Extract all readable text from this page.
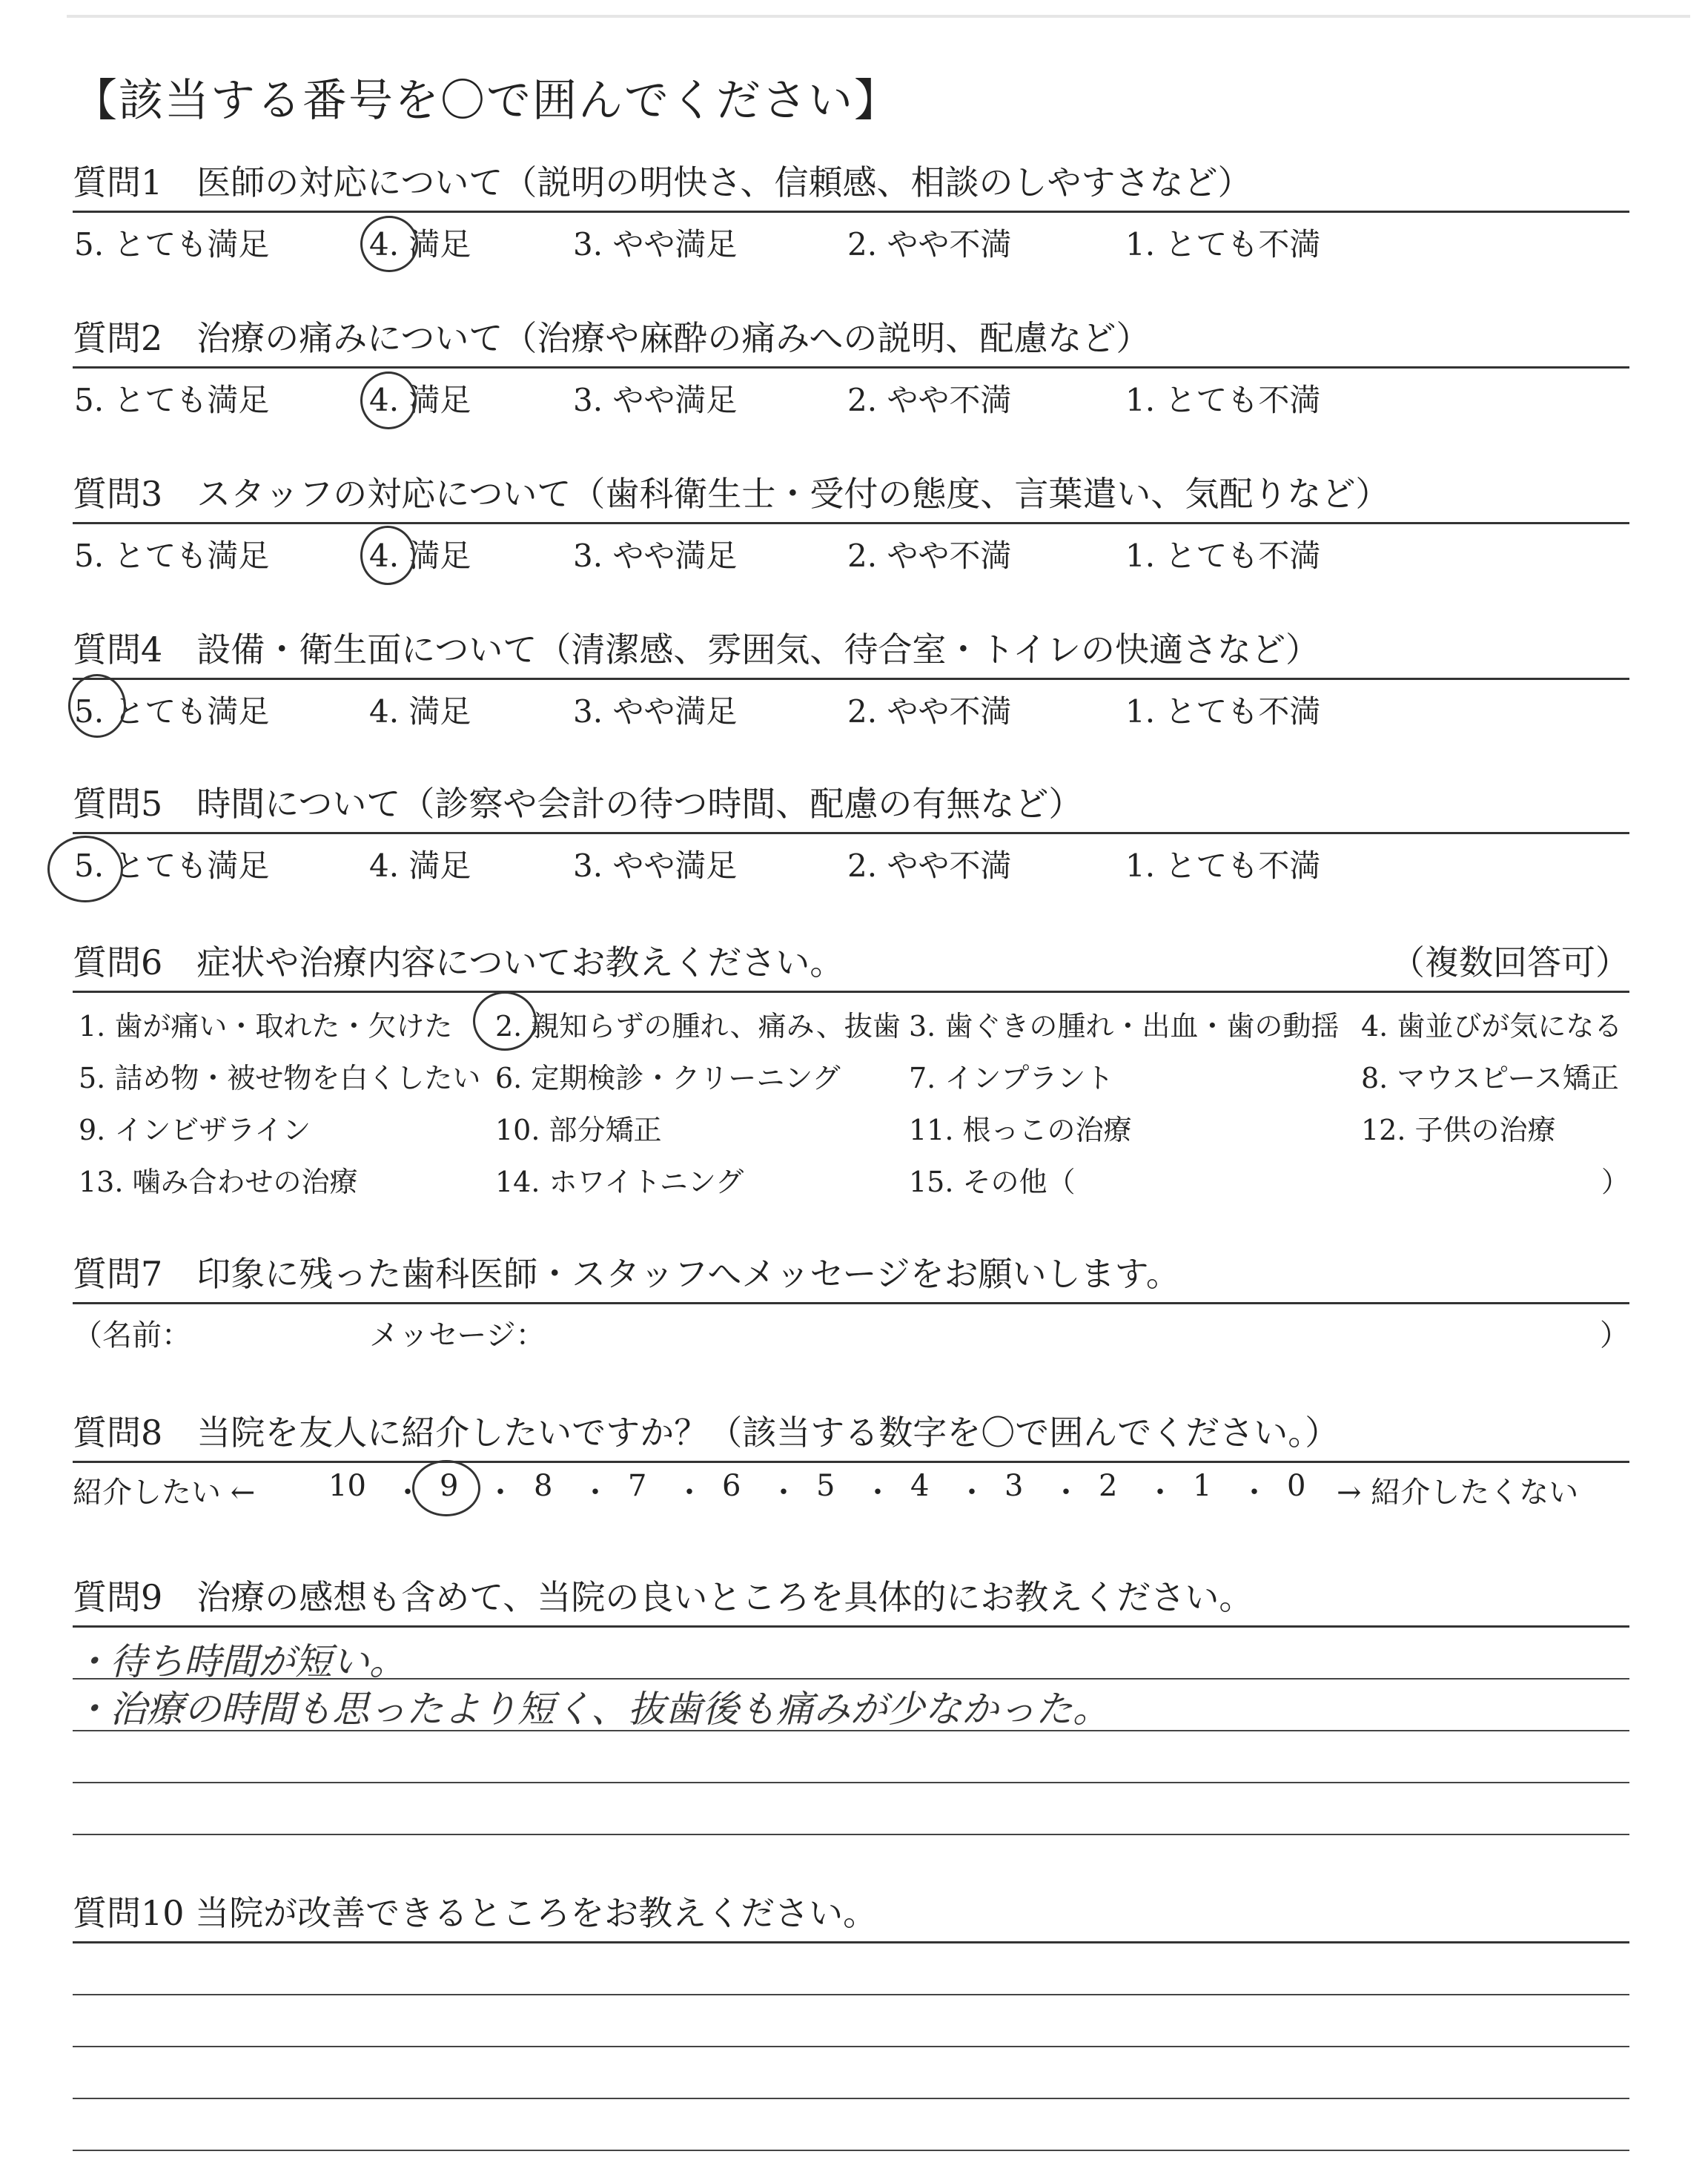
【該当する番号を〇で囲んでください】
質問1　医師の対応について（説明の明快さ、信頼感、相談のしやすさなど）
5. とても満足	4. 満足	3. やや満足	2. やや不満	1. とても不満
質問2　治療の痛みについて（治療や麻酔の痛みへの説明、配慮など）
5. とても満足	4. 満足	3. やや満足	2. やや不満	1. とても不満
質問3　スタッフの対応について（歯科衛生士・受付の態度、言葉遣い、気配りなど）
5. とても満足	4. 満足	3. やや満足	2. やや不満	1. とても不満
質問4　設備・衛生面について（清潔感、雰囲気、待合室・トイレの快適さなど）
5. とても満足	4. 満足	3. やや満足	2. やや不満	1. とても不満
質問5　時間について（診察や会計の待つ時間、配慮の有無など）
5. とても満足	4. 満足	3. やや満足	2. やや不満	1. とても不満
質問6　症状や治療内容についてお教えください。	（複数回答可）
1. 歯が痛い・取れた・欠けた 2. 親知らずの腫れ、痛み、抜歯 3. 歯ぐきの腫れ・出血・歯の動揺 4. 歯並びが気になる
5. 詰め物・被せ物を白くしたい 6. 定期検診・クリーニング 7. インプラント	8. マウスピース矯正
9. インビザライン	10. 部分矯正	11. 根っこの治療	12. 子供の治療
13. 噛み合わせの治療	14. ホワイトニング	15. その他（	）
質問7　印象に残った歯科医師・スタッフへメッセージをお願いします。
（名前：	メッセージ：	）
質問8　当院を友人に紹介したいですか？（該当する数字を〇で囲んでください。）
紹介したい ← 10 ・ 9 ・ 8 ・ 7 ・ 6 ・ 5 ・ 4 ・ 3 ・ 2 ・ 1 ・ 0 → 紹介したくない
質問9　治療の感想も含めて、当院の良いところを具体的にお教えください。
・待ち時間が短い。
・治療の時間も思ったより短く、抜歯後も痛みが少なかった。
質問10 当院が改善できるところをお教えください。
